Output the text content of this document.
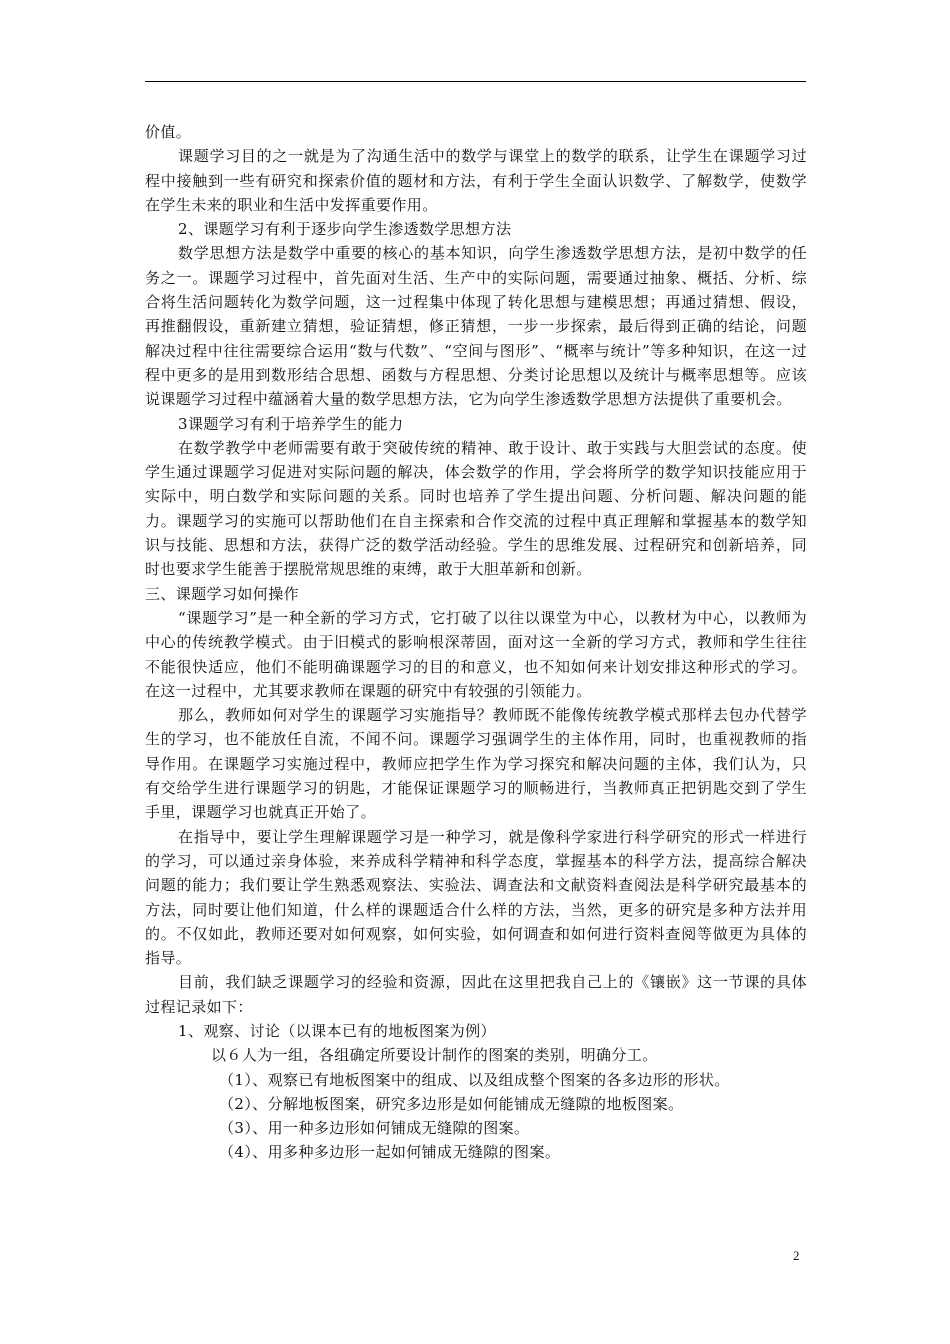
价值。

课题学习目的之一就是为了沟通生活中的数学与课堂上的数学的联系，让学生在课题学习过程中接触到一些有研究和探索价值的题材和方法，有利于学生全面认识数学、了解数学，使数学在学生未来的职业和生活中发挥重要作用。

2、课题学习有利于逐步向学生渗透数学思想方法

数学思想方法是数学中重要的核心的基本知识，向学生渗透数学思想方法，是初中数学的任务之一。课题学习过程中，首先面对生活、生产中的实际问题，需要通过抽象、概括、分析、综合将生活问题转化为数学问题，这一过程集中体现了转化思想与建模思想；再通过猜想、假设，再推翻假设，重新建立猜想，验证猜想，修正猜想，一步一步探索，最后得到正确的结论，问题解决过程中往往需要综合运用“数与代数”、“空间与图形”、“概率与统计”等多种知识，在这一过程中更多的是用到数形结合思想、函数与方程思想、分类讨论思想以及统计与概率思想等。应该说课题学习过程中蕴涵着大量的数学思想方法，它为向学生渗透数学思想方法提供了重要机会。

3课题学习有利于培养学生的能力

在数学教学中老师需要有敢于突破传统的精神、敢于设计、敢于实践与大胆尝试的态度。使学生通过课题学习促进对实际问题的解决，体会数学的作用，学会将所学的数学知识技能应用于实际中，明白数学和实际问题的关系。同时也培养了学生提出问题、分析问题、解决问题的能力。课题学习的实施可以帮助他们在自主探索和合作交流的过程中真正理解和掌握基本的数学知识与技能、思想和方法，获得广泛的数学活动经验。学生的思维发展、过程研究和创新培养，同时也要求学生能善于摆脱常规思维的束缚，敢于大胆革新和创新。

三、课题学习如何操作

“课题学习”是一种全新的学习方式，它打破了以往以课堂为中心，以教材为中心，以教师为中心的传统教学模式。由于旧模式的影响根深蒂固，面对这一全新的学习方式，教师和学生往往不能很快适应，他们不能明确课题学习的目的和意义，也不知如何来计划安排这种形式的学习。在这一过程中，尤其要求教师在课题的研究中有较强的引领能力。

那么，教师如何对学生的课题学习实施指导？教师既不能像传统教学模式那样去包办代替学生的学习，也不能放任自流，不闻不问。课题学习强调学生的主体作用，同时，也重视教师的指导作用。在课题学习实施过程中，教师应把学生作为学习探究和解决问题的主体，我们认为，只有交给学生进行课题学习的钥匙，才能保证课题学习的顺畅进行，当教师真正把钥匙交到了学生手里，课题学习也就真正开始了。

在指导中，要让学生理解课题学习是一种学习，就是像科学家进行科学研究的形式一样进行的学习，可以通过亲身体验，来养成科学精神和科学态度，掌握基本的科学方法，提高综合解决问题的能力；我们要让学生熟悉观察法、实验法、调查法和文献资料查阅法是科学研究最基本的方法，同时要让他们知道，什么样的课题适合什么样的方法，当然，更多的研究是多种方法并用的。不仅如此，教师还要对如何观察，如何实验，如何调查和如何进行资料查阅等做更为具体的指导。

目前，我们缺乏课题学习的经验和资源，因此在这里把我自己上的《镶嵌》这一节课的具体过程记录如下：

1、观察、讨论（以课本已有的地板图案为例）

以６人为一组，各组确定所要设计制作的图案的类别，明确分工。

（1）、观察已有地板图案中的组成、以及组成整个图案的各多边形的形状。

（2）、分解地板图案，研究多边形是如何能铺成无缝隙的地板图案。

（3）、用一种多边形如何铺成无缝隙的图案。

（4）、用多种多边形一起如何铺成无缝隙的图案。

2
